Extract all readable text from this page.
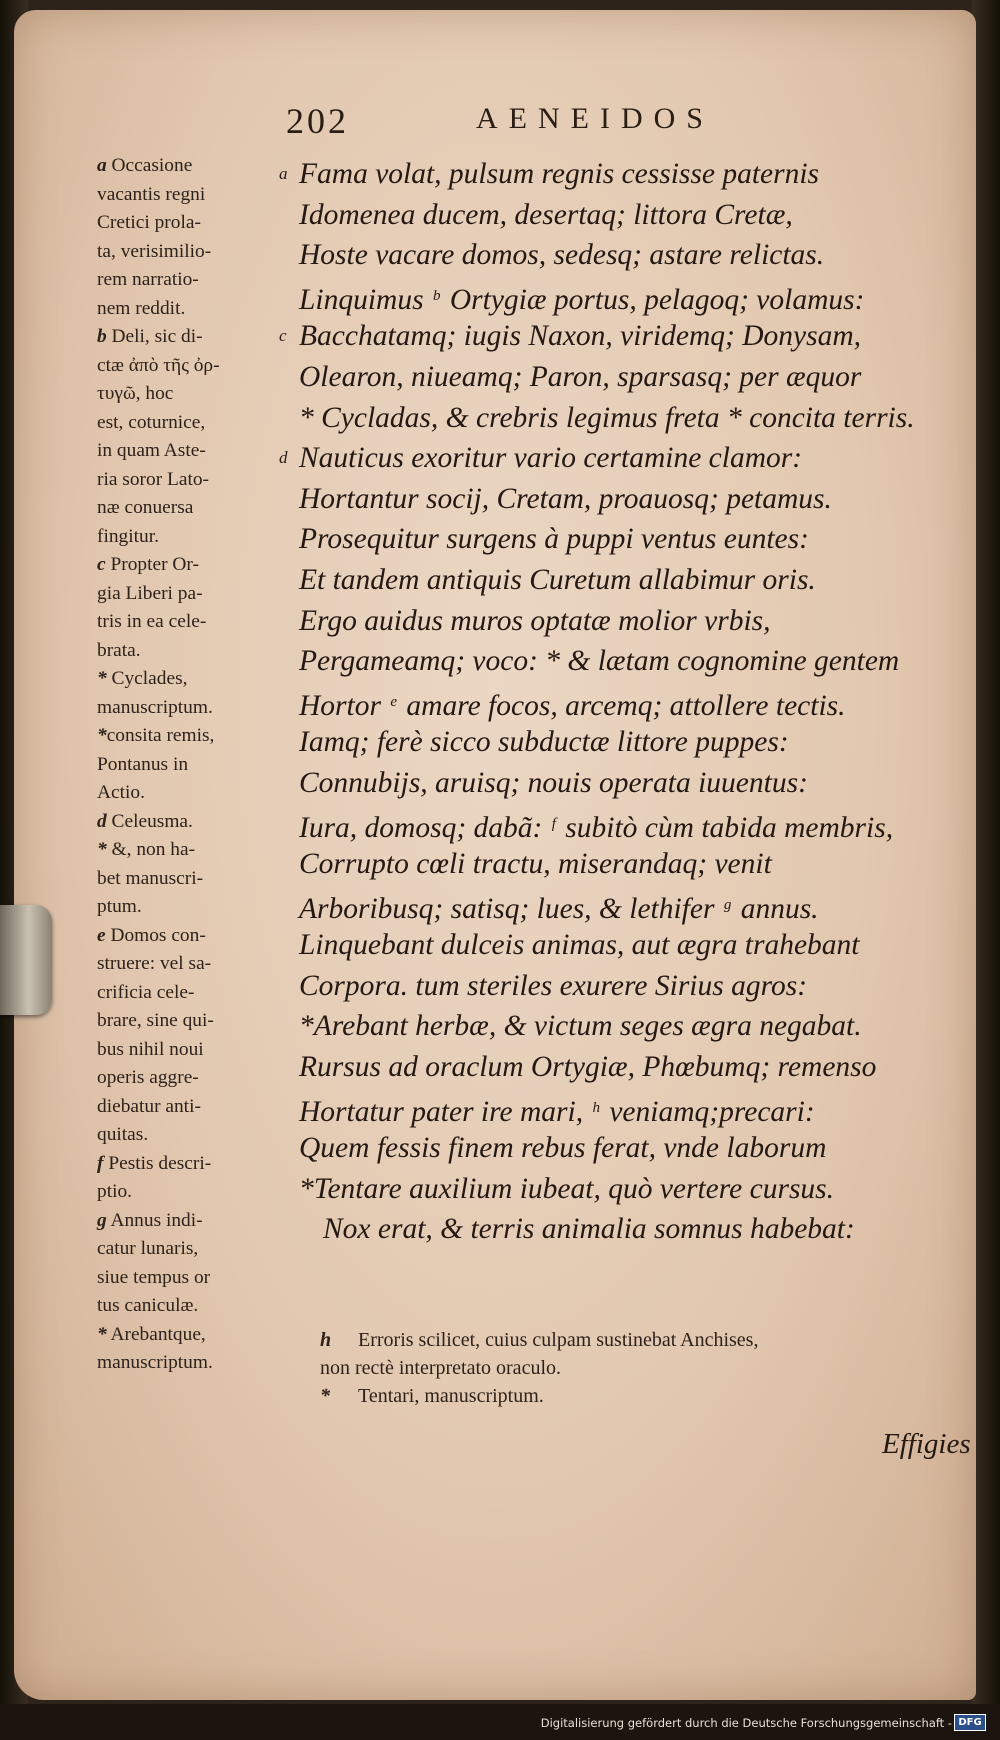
202	AENEIDOS
a Occasione
vacantis regni
Cretici prola-
ta, verisimilio-
rem narratio-
nem reddit.
b Deli, sic di-
ctæ ἀπὸ τῆς ὀρ-
τυγῶ, hoc
est, coturnice,
in quam Aste-
ria soror Lato-
næ conuersa
fingitur.
c Propter Or-
gia Liberi pa-
tris in ea cele-
brata.
* Cyclades,
manuscriptum.
*consita remis,
Pontanus in
Actio.
d Celeusma.
* &, non ha-
bet manuscri-
ptum.
e Domos con-
struere: vel sa-
crificia cele-
brare, sine qui-
bus nihil noui
operis aggre-
diebatur anti-
quitas.
f Pestis descri-
ptio.
g Annus indi-
catur lunaris,
siue tempus or
tus caniculæ.
* Arebantque,
manuscriptum.
a Fama volat, pulsum regnis cessisse paternis
Idomenea ducem, desertaq; littora Cretæ,
Hoste vacare domos, sedesq; astare relictas.
Linquimus $^b$ Ortygiæ portus, pelagoq; volamus:
c Bacchatamq; iugis Naxon, viridemq; Donysam,
Olearon, niueamq; Paron, sparsasq; per æquor
* Cycladas, & crebris legimus freta * concita terris.
d Nauticus exoritur vario certamine clamor:
Hortantur socij, Cretam, proauosq; petamus.
Prosequitur surgens à puppi ventus euntes:
Et tandem antiquis Curetum allabimur oris.
Ergo auidus muros optatæ molior vrbis,
Pergameamq; voco: * & lætam cognomine gentem
Hortor $^e$ amare focos, arcemq; attollere tectis.
Iamq; ferè sicco subductæ littore puppes:
Connubijs, aruisq; nouis operata iuuentus:
Iura, domosq; dabã: $^f$ subitò cùm tabida membris,
Corrupto cœli tractu, miserandaq; venit
Arboribusq; satisq; lues, & lethifer $^g$ annus.
Linquebant dulceis animas, aut ægra trahebant
Corpora. tum steriles exurere Sirius agros:
*Arebant herbæ, & victum seges ægra negabat.
Rursus ad oraclum Ortygiæ, Phœbumq; remenso
Hortatur pater ire mari, $^h$ veniamq;precari:
Quem fessis finem rebus ferat, vnde laborum
*Tentare auxilium iubeat, quò vertere cursus.
Nox erat, & terris animalia somnus habebat:
h Erroris scilicet, cuius culpam sustinebat Anchises,
non rectè interpretato oraculo.
* Tentari, manuscriptum.
Effigies
Digitalisierung gefördert durch die Deutsche Forschungsgemeinschaft - DFG
